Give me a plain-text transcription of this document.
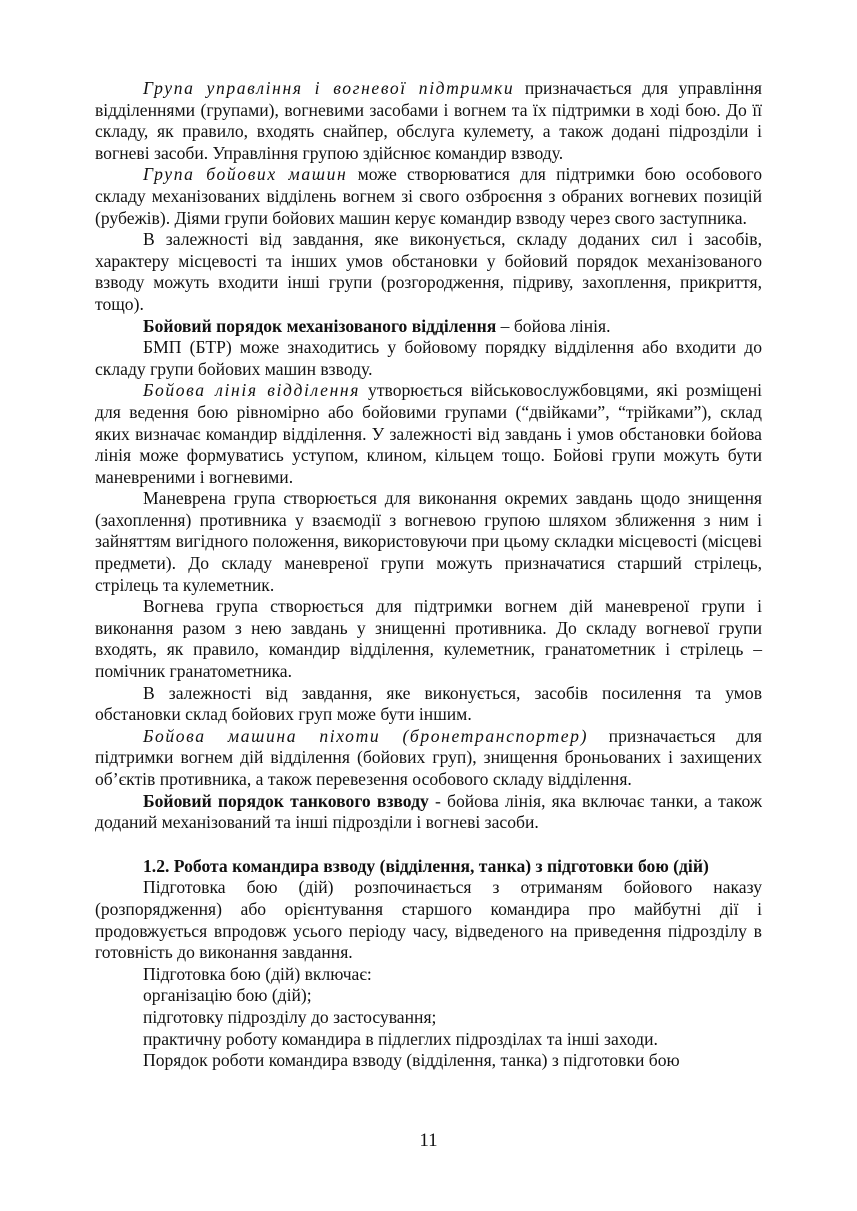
Група управління і вогневої підтримки призначається для управління відділеннями (групами), вогневими засобами і вогнем та їх підтримки в ході бою. До її складу, як правило, входять снайпер, обслуга кулемету, а також додані підрозділи і вогневі засоби. Управління групою здійснює командир взводу.

Група бойових машин може створюватися для підтримки бою особового складу механізованих відділень вогнем зі свого озброєння з обраних вогневих позицій (рубежів). Діями групи бойових машин керує командир взводу через свого заступника.

В залежності від завдання, яке виконується, складу доданих сил і засобів, характеру місцевості та інших умов обстановки у бойовий порядок механізованого взводу можуть входити інші групи (розгородження, підриву, захоплення, прикриття, тощо).

Бойовий порядок механізованого відділення – бойова лінія.

БМП (БТР) може знаходитись у бойовому порядку відділення або входити до складу групи бойових машин взводу.

Бойова лінія відділення утворюється військовослужбовцями, які розміщені для ведення бою рівномірно або бойовими групами (“двійками”, “трійками”), склад яких визначає командир відділення. У залежності від завдань і умов обстановки бойова лінія може формуватись уступом, клином, кільцем тощо. Бойові групи можуть бути маневреними і вогневими.

Маневрена група створюється для виконання окремих завдань щодо знищення (захоплення) противника у взаємодії з вогневою групою шляхом зближення з ним і зайняттям вигідного положення, використовуючи при цьому складки місцевості (місцеві предмети). До складу маневреної групи можуть призначатися старший стрілець, стрілець та кулеметник.

Вогнева група створюється для підтримки вогнем дій маневреної групи і виконання разом з нею завдань у знищенні противника. До складу вогневої групи входять, як правило, командир відділення, кулеметник, гранатометник і стрілець – помічник гранатометника.

В залежності від завдання, яке виконується, засобів посилення та умов обстановки склад бойових груп може бути іншим.

Бойова машина піхоти (бронетранспортер) призначається для підтримки вогнем дій відділення (бойових груп), знищення броньованих і захищених об’єктів противника, а також перевезення особового складу відділення.

Бойовий порядок танкового взводу - бойова лінія, яка включає танки, а також доданий механізований та інші підрозділи і вогневі засоби.

1.2. Робота командира взводу (відділення, танка) з підготовки бою (дій)

Підготовка бою (дій) розпочинається з отриманям бойового наказу (розпорядження) або орієнтування старшого командира про майбутні дії і продовжується впродовж усього періоду часу, відведеного на приведення підрозділу в готовність до виконання завдання.

Підготовка бою (дій) включає:

організацію бою (дій);

підготовку підрозділу до застосування;

практичну роботу командира в підлеглих підрозділах та інші заходи.

Порядок роботи командира взводу (відділення, танка) з підготовки бою

11
